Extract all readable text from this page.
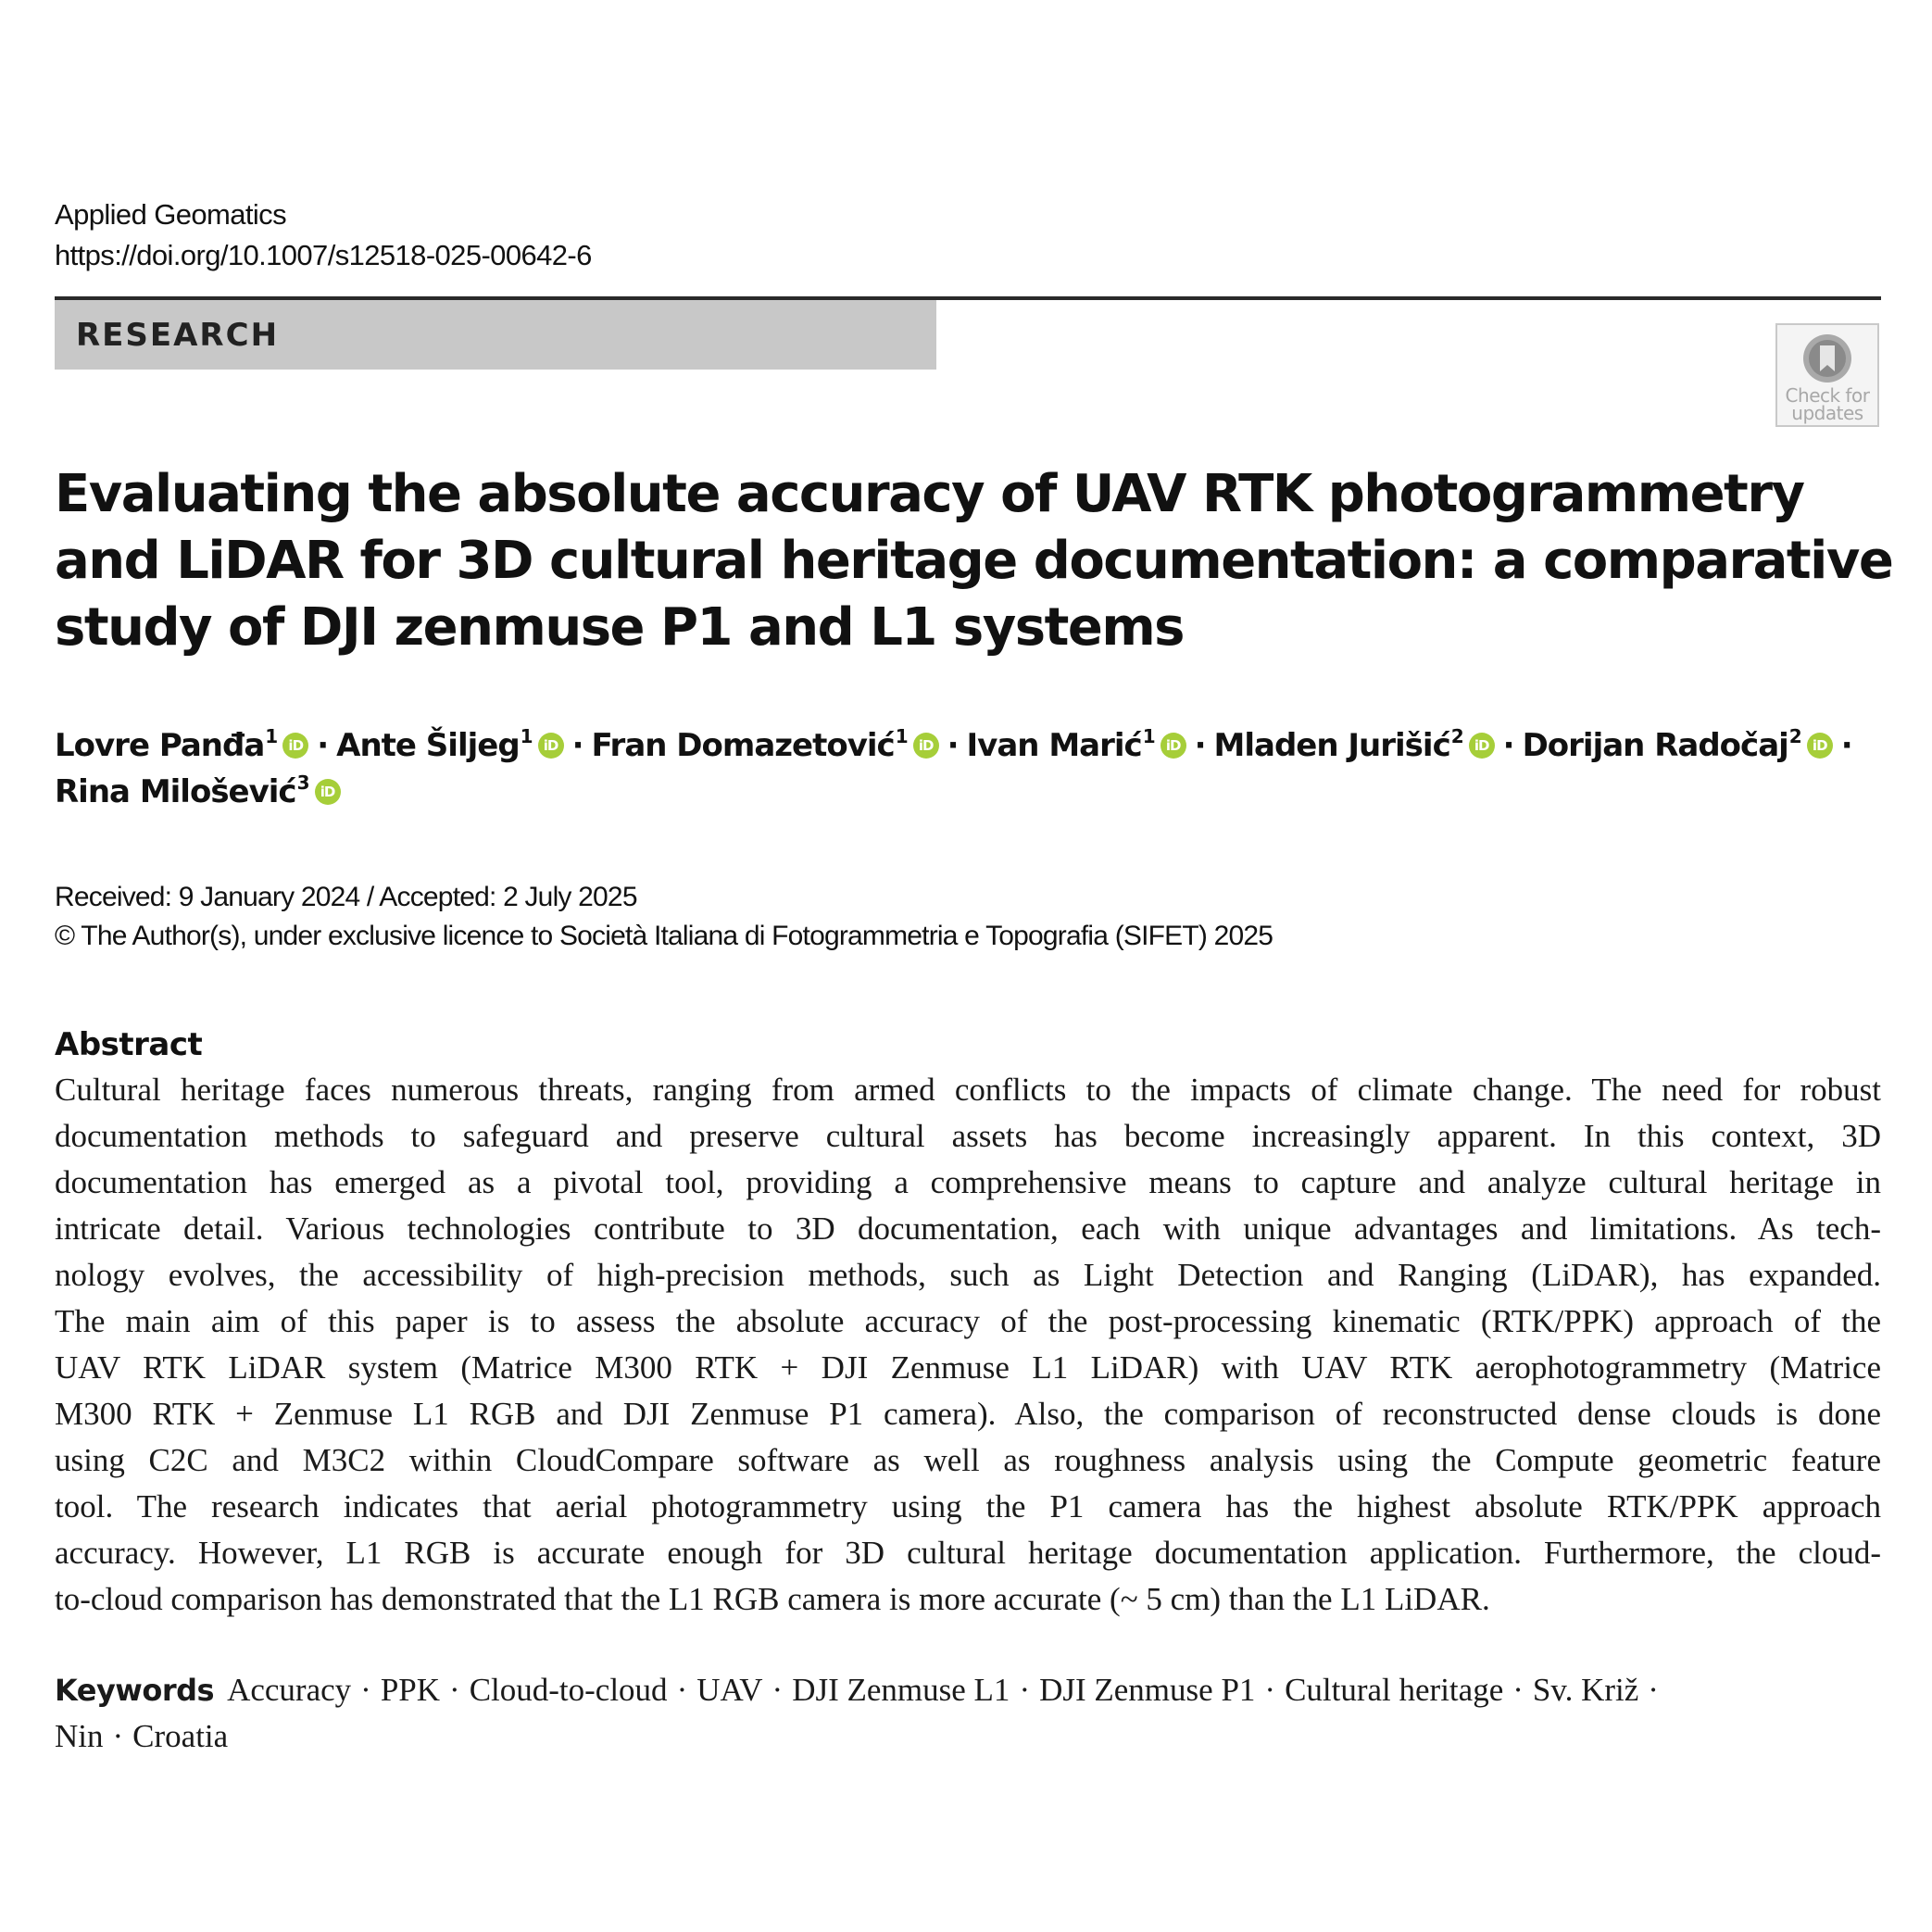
Applied Geomatics
https://doi.org/10.1007/s12518-025-00642-6
RESEARCH
Check for updates
Evaluating the absolute accuracy of UAV RTK photogrammetry
and LiDAR for 3D cultural heritage documentation: a comparative
study of DJI zenmuse P1 and L1 systems
Lovre Panđa$^1$ iD · Ante Šiljeg$^1$ iD · Fran Domazetović$^1$ iD · Ivan Marić$^1$ iD · Mladen Jurišić$^2$ iD · Dorijan Radočaj$^2$ iD ·
Rina Milošević$^3$ iD
Received: 9 January 2024 / Accepted: 2 July 2025
© The Author(s), under exclusive licence to Società Italiana di Fotogrammetria e Topografia (SIFET) 2025
Abstract
Cultural heritage faces numerous threats, ranging from armed conflicts to the impacts of climate change. The need for robust
documentation methods to safeguard and preserve cultural assets has become increasingly apparent. In this context, 3D
documentation has emerged as a pivotal tool, providing a comprehensive means to capture and analyze cultural heritage in
intricate detail. Various technologies contribute to 3D documentation, each with unique advantages and limitations. As tech-
nology evolves, the accessibility of high-precision methods, such as Light Detection and Ranging (LiDAR), has expanded.
The main aim of this paper is to assess the absolute accuracy of the post-processing kinematic (RTK/PPK) approach of the
UAV RTK LiDAR system (Matrice M300 RTK + DJI Zenmuse L1 LiDAR) with UAV RTK aerophotogrammetry (Matrice
M300 RTK + Zenmuse L1 RGB and DJI Zenmuse P1 camera). Also, the comparison of reconstructed dense clouds is done
using C2C and M3C2 within CloudCompare software as well as roughness analysis using the Compute geometric feature
tool. The research indicates that aerial photogrammetry using the P1 camera has the highest absolute RTK/PPK approach
accuracy. However, L1 RGB is accurate enough for 3D cultural heritage documentation application. Furthermore, the cloud-
to-cloud comparison has demonstrated that the L1 RGB camera is more accurate (~ 5 cm) than the L1 LiDAR.
Keywords Accuracy · PPK · Cloud-to-cloud · UAV · DJI Zenmuse L1 · DJI Zenmuse P1 · Cultural heritage · Sv. Križ ·
Nin · Croatia
